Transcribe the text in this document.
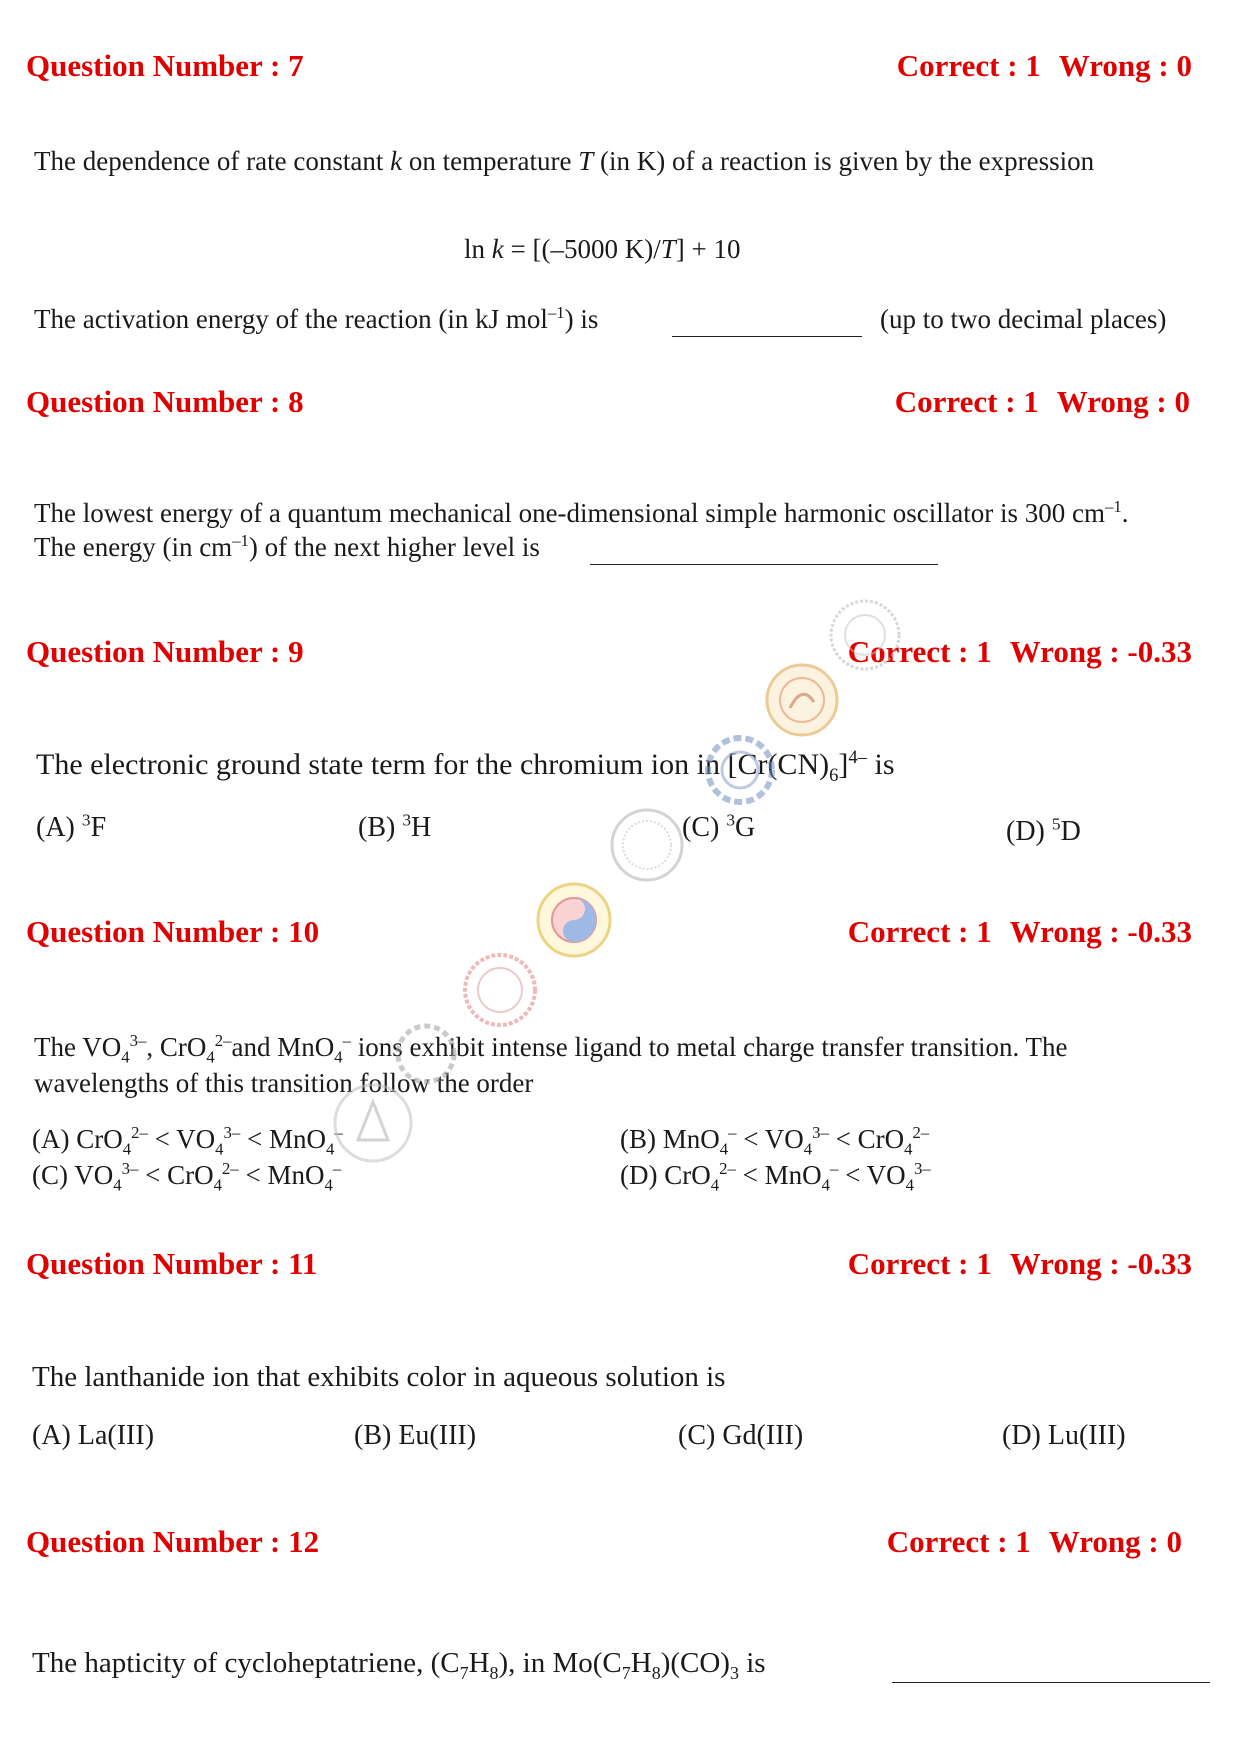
Question Number : 7	Correct : 1 Wrong : 0
The dependence of rate constant k on temperature T (in K) of a reaction is given by the expression
ln k = [(–5000 K)/T] + 10
The activation energy of the reaction (in kJ mol$^{-1}$) is	(up to two decimal places)
Question Number : 8	Correct : 1 Wrong : 0
The lowest energy of a quantum mechanical one-dimensional simple harmonic oscillator is 300 $cm^{-1}$.
The energy (in $cm^{-1}$) of the next higher level is
Question Number : 9	Correct : 1 Wrong : -0.33
The electronic ground state term for the chromium ion in $[Cr(CN)_6]^{4-}$ is
(A) $^3$F	(B) $^3$H	(C) $^3$G	(D) $^5$D
Question Number : 10	Correct : 1 Wrong : -0.33
The $VO_4^{3-}$, CrO$_4^{2-}$and MnO$_4$– ions exhibit intense ligand to metal charge transfer transition. The
wavelengths of this transition follow the order
(A) $CrO_4^{2-} < VO_4^{3-} < MnO_4^-$	(B) $MnO_4^- < VO_4^{3-} < CrO_4^{2-}$
(C) $VO_4^{3-} < CrO_4^{2-} < MnO_4^-$	(D) $CrO_4^{2-} < MnO_4^- < VO_4^{3-}$
Question Number : 11	Correct : 1 Wrong : -0.33
The lanthanide ion that exhibits color in aqueous solution is
(A) La(III)	(B) Eu(III)	(C) Gd(III)	(D) Lu(III)
Question Number : 12	Correct : 1 Wrong : 0
The hapticity of cycloheptatriene, $(C_7H_8)$, in $Mo(C_7H_8)(CO)_3$ is
